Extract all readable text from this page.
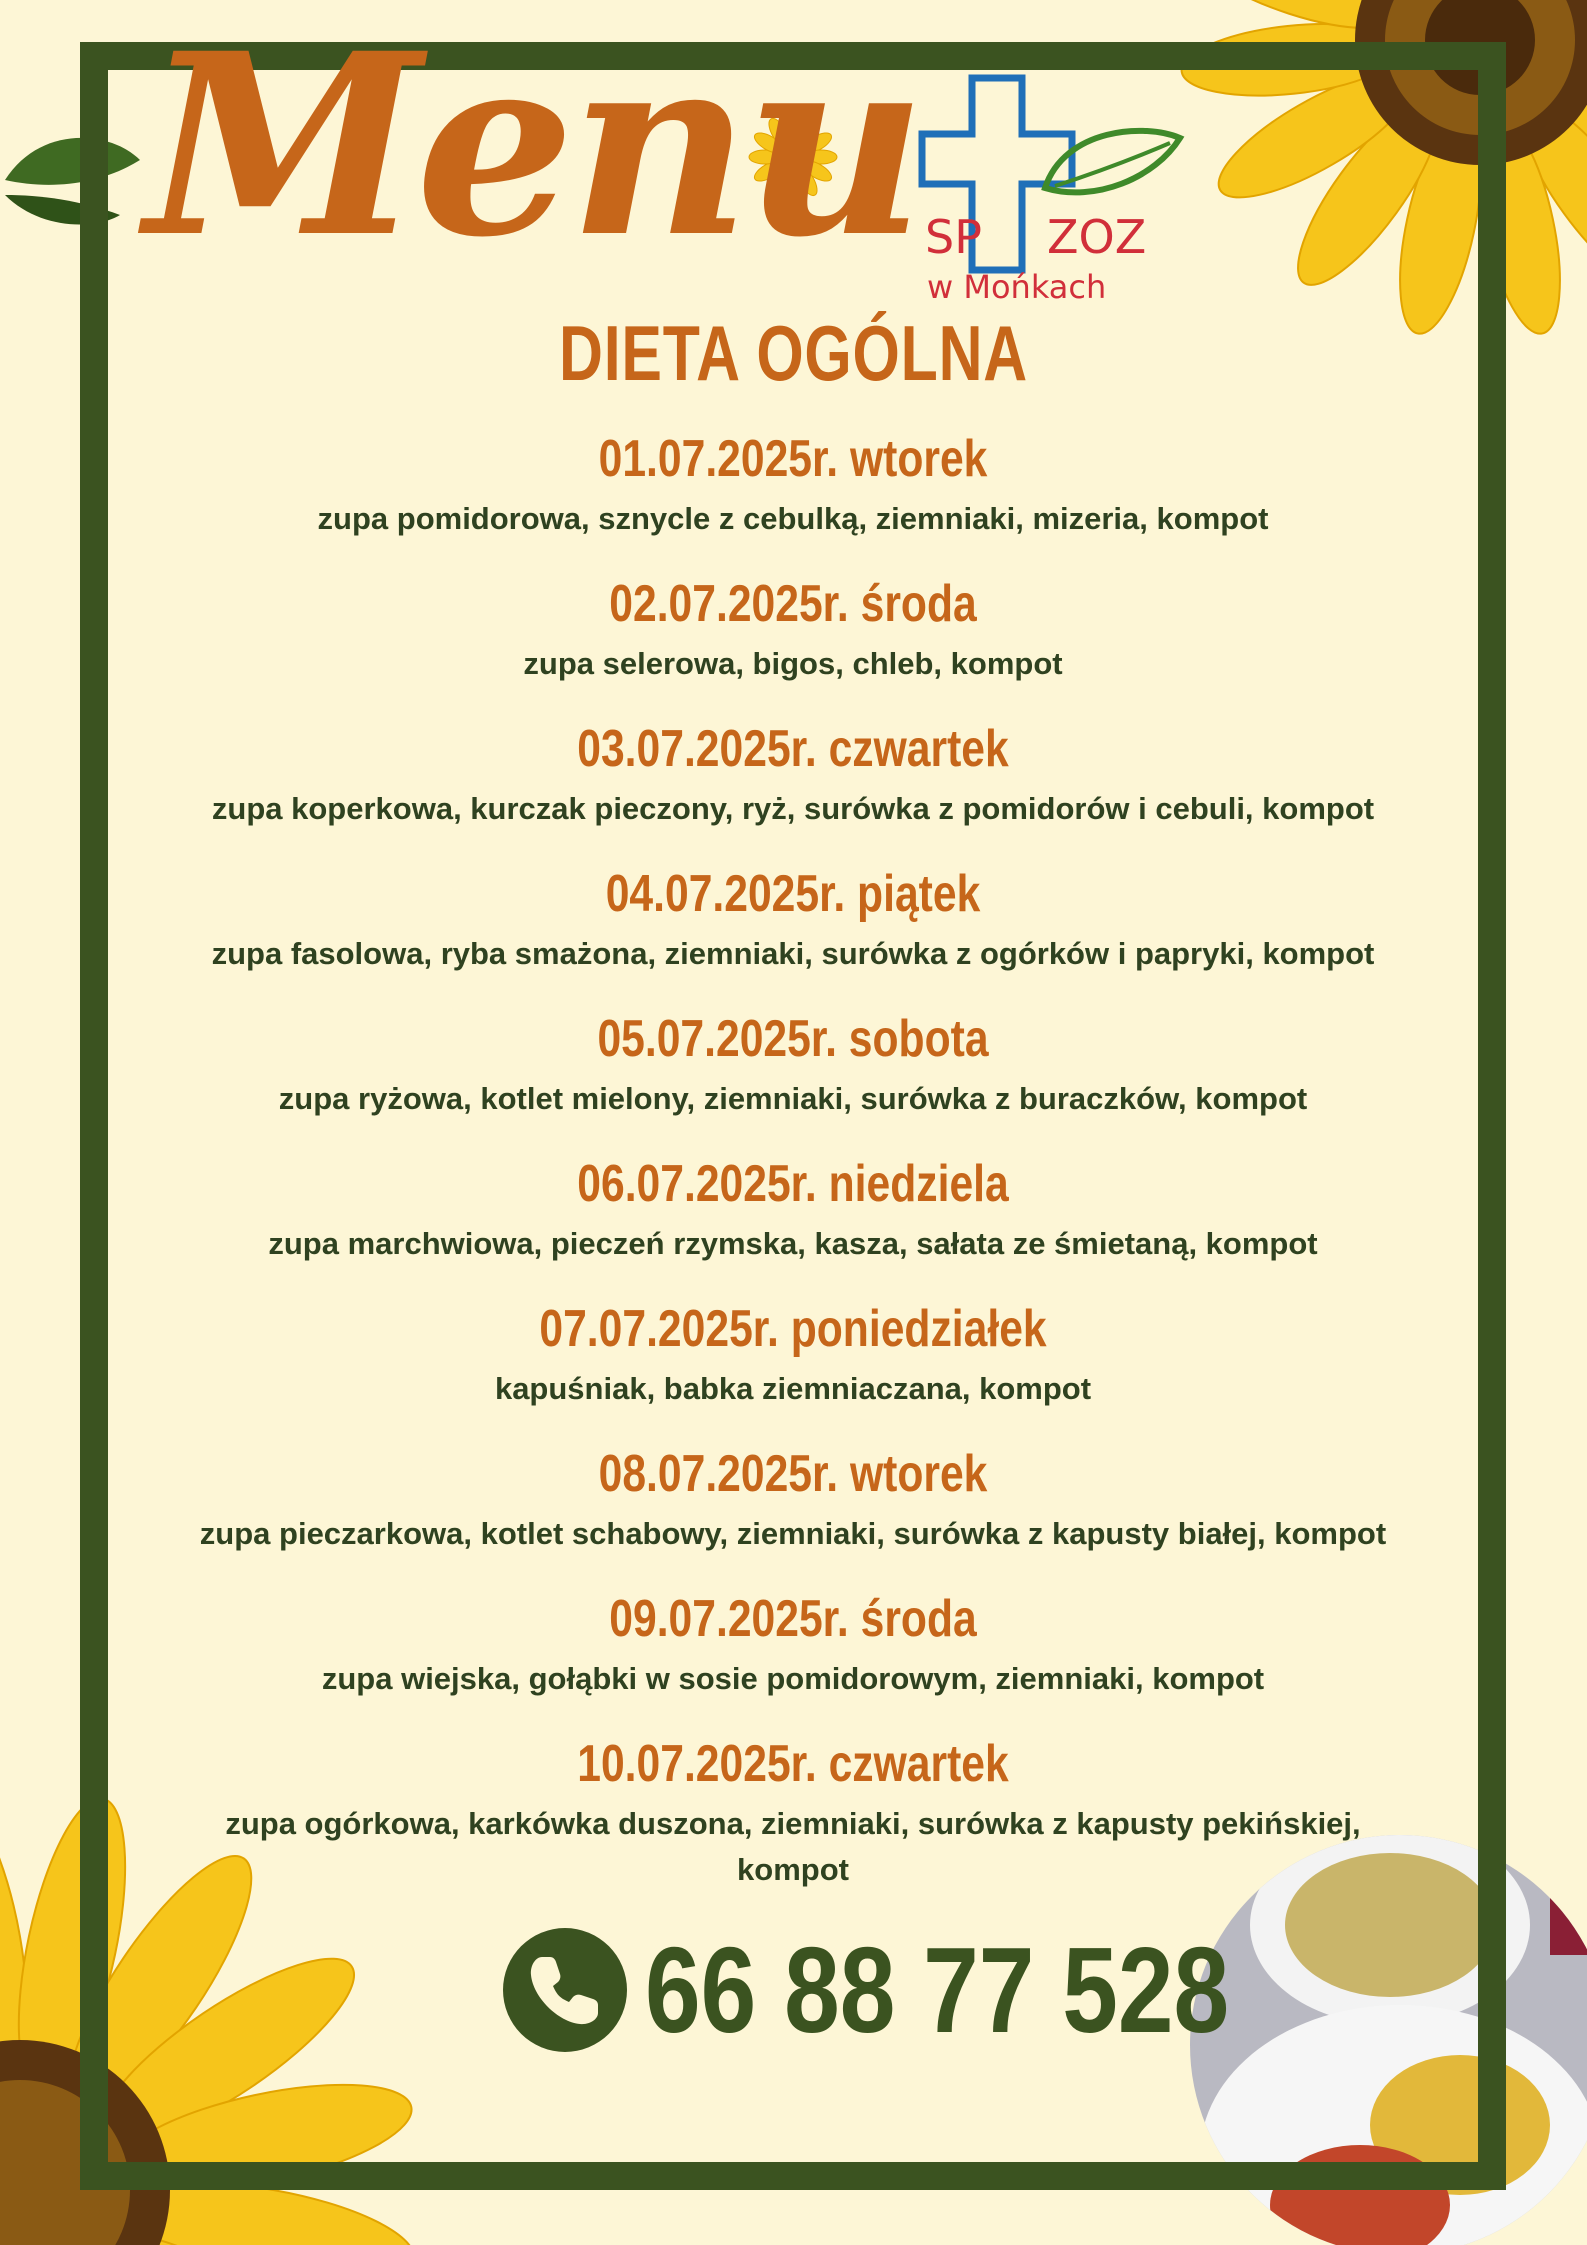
Menu SP ZOZ
w Mońkach
DIETA OGÓLNA
01.07.2025r. wtorek
zupa pomidorowa, sznycle z cebulką, ziemniaki, mizeria, kompot
02.07.2025r. środa
zupa selerowa, bigos, chleb, kompot
03.07.2025r. czwartek
zupa koperkowa, kurczak pieczony, ryż, surówka z pomidorów i cebuli, kompot
04.07.2025r. piątek
zupa fasolowa, ryba smażona, ziemniaki, surówka z ogórków i papryki, kompot
05.07.2025r. sobota
zupa ryżowa, kotlet mielony, ziemniaki, surówka z buraczków, kompot
06.07.2025r. niedziela
zupa marchwiowa, pieczeń rzymska, kasza, sałata ze śmietaną, kompot
07.07.2025r. poniedziałek
kapuśniak, babka ziemniaczana, kompot
08.07.2025r. wtorek
zupa pieczarkowa, kotlet schabowy, ziemniaki, surówka z kapusty białej, kompot
09.07.2025r. środa
zupa wiejska, gołąbki w sosie pomidorowym, ziemniaki, kompot
10.07.2025r. czwartek
zupa ogórkowa, karkówka duszona, ziemniaki, surówka z kapusty pekińskiej, kompot
66 88 77 528
